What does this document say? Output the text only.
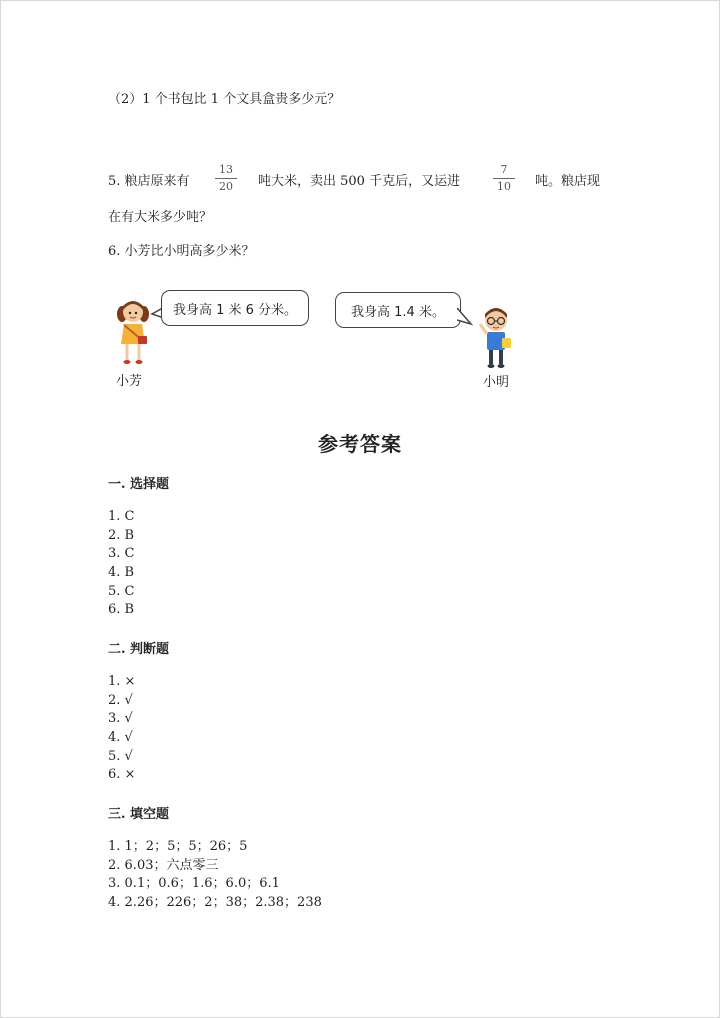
（2）1 个书包比 1 个文具盒贵多少元？
5. 粮店原来有
13
20	吨大米，卖出 500 千克后，又运进
7
10	吨。粮店现
在有大米多少吨？
6. 小芳比小明高多少米？
小芳
我身高 1 米 6 分米。	我身高 1.4 米。
小明
参考答案
一. 选择题
1. C
2. B
3. C
4. B
5. C
6. B
二. 判断题
1. ×
2. √
3. √
4. √
5. √
6. ×
三. 填空题
1. 1；2；5；5；26；5
2. 6.03；六点零三
3. 0.1；0.6；1.6；6.0；6.1
4. 2.26；226；2；38；2.38；238
